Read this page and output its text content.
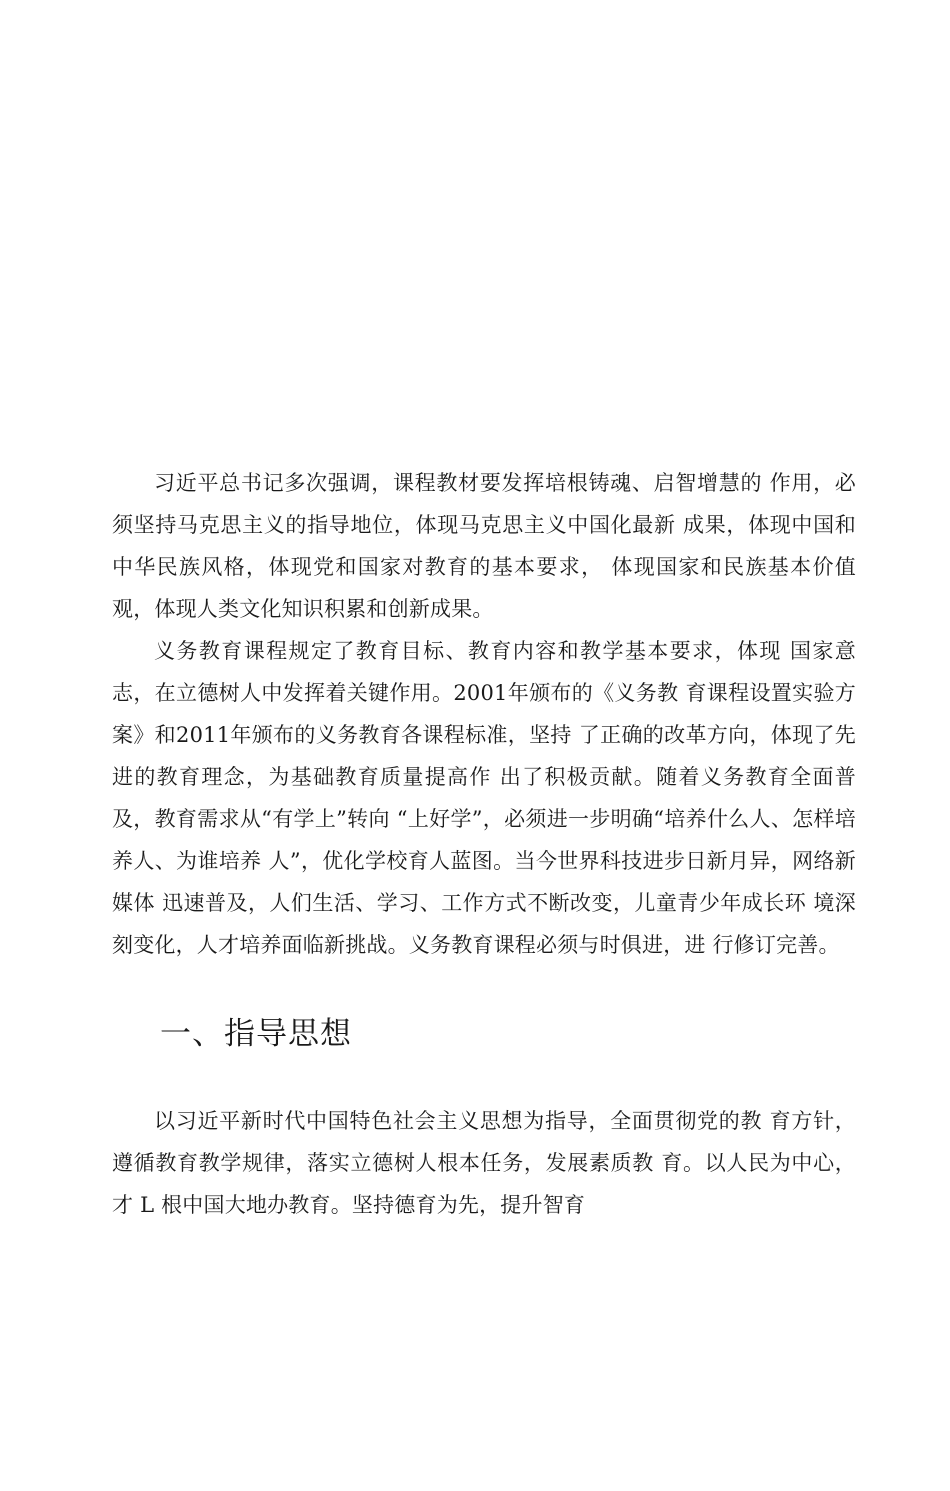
习近平总书记多次强调，课程教材要发挥培根铸魂、启智增慧的 作用，必须坚持马克思主义的指导地位，体现马克思主义中国化最新 成果，体现中国和中华民族风格，体现党和国家对教育的基本要求， 体现国家和民族基本价值观，体现人类文化知识积累和创新成果。

义务教育课程规定了教育目标、教育内容和教学基本要求，体现 国家意志，在立德树人中发挥着关键作用。2001年颁布的《义务教 育课程设置实验方案》和2011年颁布的义务教育各课程标准，坚持 了正确的改革方向，体现了先进的教育理念，为基础教育质量提高作 出了积极贡献。随着义务教育全面普及，教育需求从“有学上”转向 “上好学”，必须进一步明确“培养什么人、怎样培养人、为谁培养 人”，优化学校育人蓝图。当今世界科技进步日新月异，网络新媒体 迅速普及，人们生活、学习、工作方式不断改变，儿童青少年成长环 境深刻变化，人才培养面临新挑战。义务教育课程必须与时俱进，进 行修订完善。

一、指导思想

以习近平新时代中国特色社会主义思想为指导，全面贯彻党的教 育方针，遵循教育教学规律，落实立德树人根本任务，发展素质教 育。以人民为中心，才 L 根中国大地办教育。坚持德育为先，提升智育
